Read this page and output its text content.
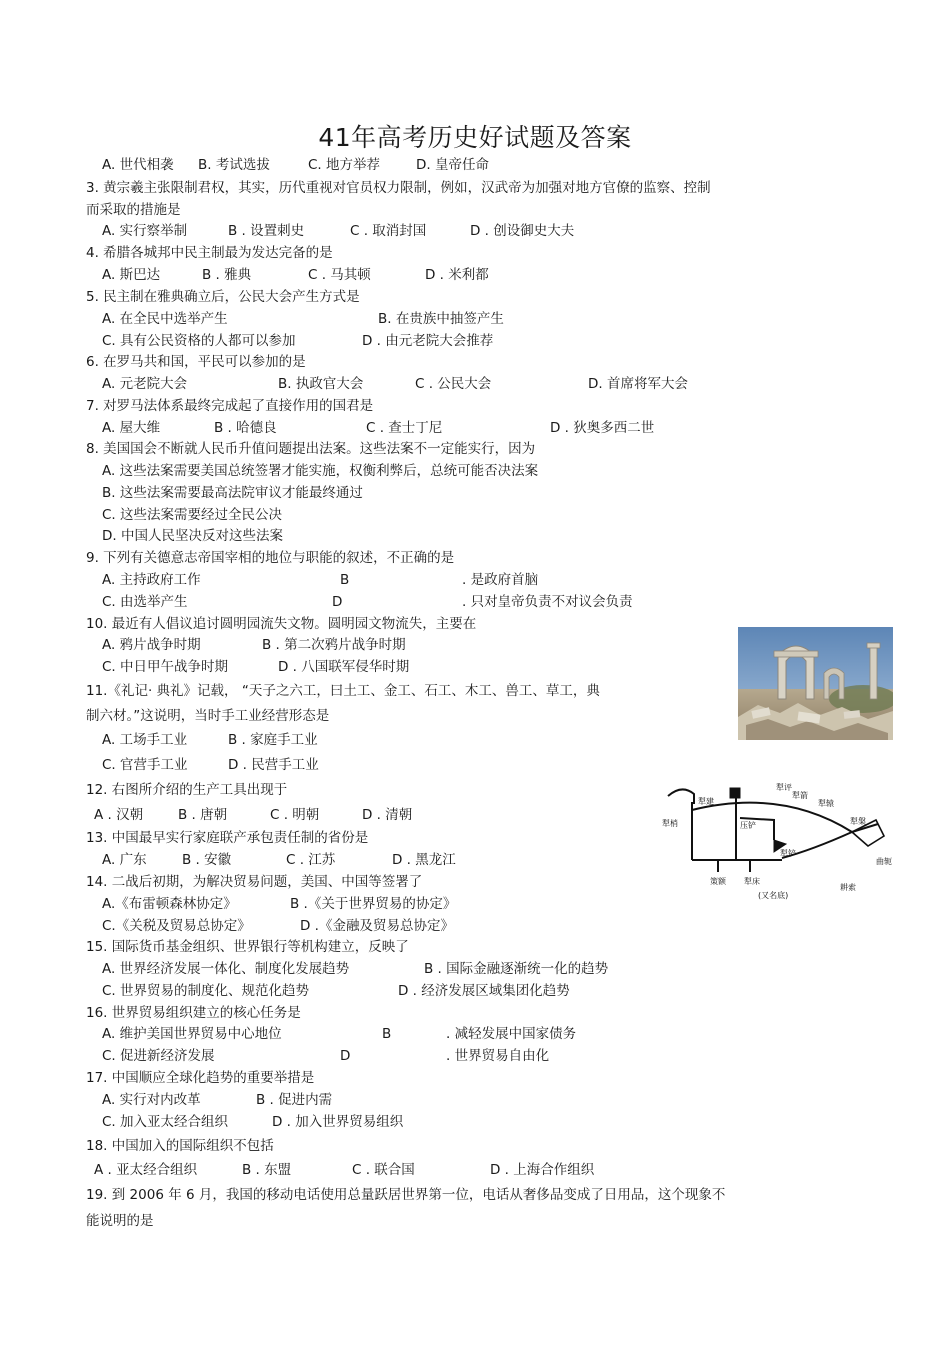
41年高考历史好试题及答案
A. 世代相袭 B. 考试选拔	C. 地方举荐	D. 皇帝任命
3. 黄宗羲主张限制君权，其实，历代重视对官员权力限制，例如，汉武帝为加强对地方官僚的监察、控制
而采取的措施是
A. 实行察举制	B . 设置刺史	C . 取消封国	D . 创设御史大夫
4. 希腊各城邦中民主制最为发达完备的是
A. 斯巴达	B . 雅典	C . 马其顿	D . 米利都
5. 民主制在雅典确立后，公民大会产生方式是
A. 在全民中选举产生	B. 在贵族中抽签产生
C. 具有公民资格的人都可以参加	D . 由元老院大会推荐
6. 在罗马共和国，平民可以参加的是
A. 元老院大会	B. 执政官大会	C . 公民大会	D. 首席将军大会
7. 对罗马法体系最终完成起了直接作用的国君是
A. 屋大维	B . 哈德良	C . 查士丁尼	D . 狄奥多西二世
8. 美国国会不断就人民币升值问题提出法案。这些法案不一定能实行，因为
A. 这些法案需要美国总统签署才能实施，权衡利弊后，总统可能否决法案
B. 这些法案需要最高法院审议才能最终通过
C. 这些法案需要经过全民公决
D. 中国人民坚决反对这些法案
9. 下列有关德意志帝国宰相的地位与职能的叙述，不正确的是
A. 主持政府工作	B	. 是政府首脑
C. 由选举产生	D	. 只对皇帝负责不对议会负责
10. 最近有人倡议追讨圆明园流失文物。圆明园文物流失，主要在
A. 鸦片战争时期	B . 第二次鸦片战争时期
C. 中日甲午战争时期	D . 八国联军侵华时期
11.《礼记· 典礼》记载， “天子之六工，曰土工、金工、石工、木工、兽工、草工，典
制六材。”这说明，当时手工业经营形态是
A. 工场手工业	B . 家庭手工业
C. 官营手工业	D . 民营手工业
12. 右图所介绍的生产工具出现于
A . 汉朝	B . 唐朝	C . 明朝	D . 清朝
13. 中国最早实行家庭联产承包责任制的省份是
A. 广东	B . 安徽	C . 江苏	D . 黑龙江
14. 二战后初期，为解决贸易问题，美国、中国等签署了
A.《布雷顿森林协定》	B .《关于世界贸易的协定》
C.《关税及贸易总协定》	D .《金融及贸易总协定》
15. 国际货币基金组织、世界银行等机构建立，反映了
A. 世界经济发展一体化、制度化发展趋势	B . 国际金融逐渐统一化的趋势
C. 世界贸易的制度化、规范化趋势	D . 经济发展区域集团化趋势
16. 世界贸易组织建立的核心任务是
A. 维护美国世界贸易中心地位	B	. 减轻发展中国家债务
C. 促进新经济发展	D	. 世界贸易自由化
17. 中国顺应全球化趋势的重要举措是
A. 实行对内改革	B . 促进内需
C. 加入亚太经合组织	D . 加入世界贸易组织
18. 中国加入的国际组织不包括
A . 亚太经合组织	B . 东盟	C . 联合国	D . 上海合作组织
19. 到 2006 年 6 月，我国的移动电话使用总量跃居世界第一位，电话从奢侈品变成了日用品，这个现象不
能说明的是
犁评
犁箭
犁建	犁辕
犁梢	压铲
犁铲
犁槃
犁床
策额
曲轭
耕索
(又名底)
